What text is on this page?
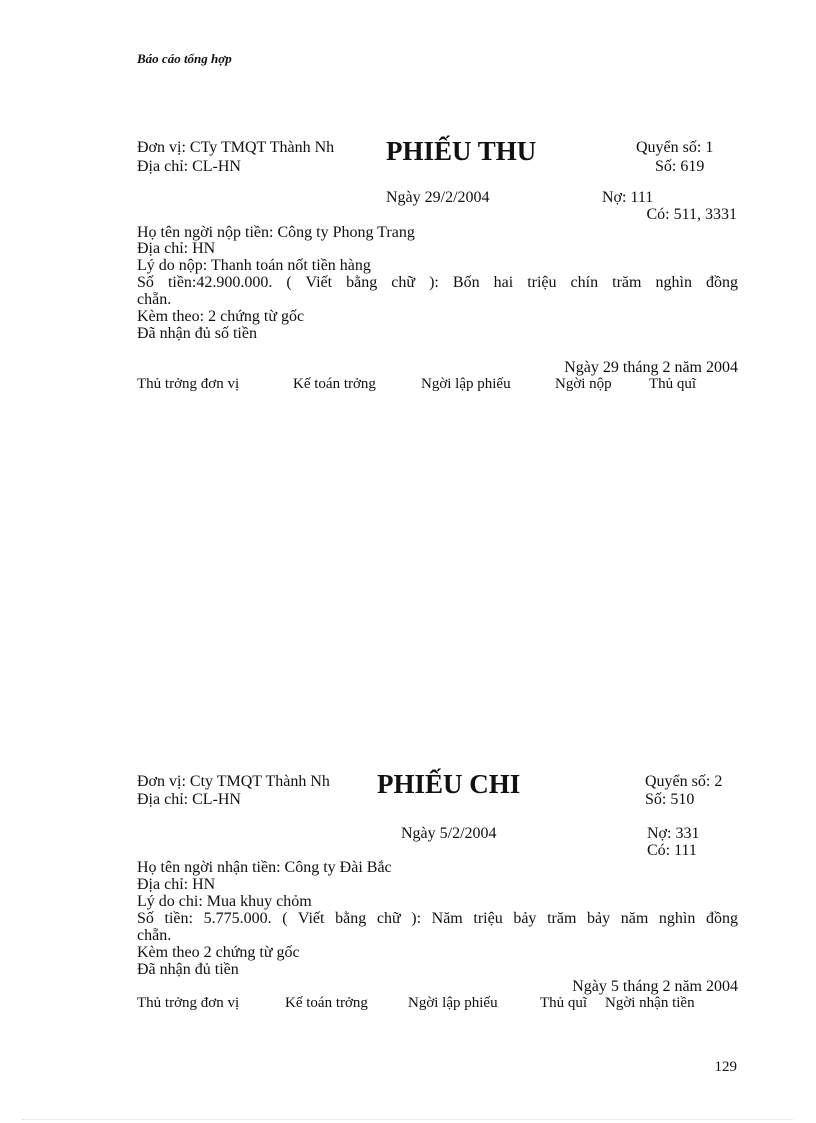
Báo cáo tổng hợp
Đơn vị: CTy TMQT Thành Nh
Địa chỉ: CL-HN
PHIẾU THU	Quyển số: 1
Số: 619
Ngày 29/2/2004	Nợ: 111
Có: 511, 3331
Họ tên ngời nộp tiền: Công ty Phong Trang
Địa chỉ: HN
Lý do nộp: Thanh toán nốt tiền hàng
Số tiền:42.900.000. ( Viết bằng chữ ): Bốn hai triệu chín trăm nghìn đồng
chẵn.
Kèm theo: 2 chứng từ gốc
Đã nhận đủ số tiền
Ngày 29 tháng 2 năm 2004
Thủ trởng đơn vị	Kế toán trởng	Ngời lập phiếu	Ngời nộp Thủ quĩ
Đơn vị: Cty TMQT Thành Nh
Địa chỉ: CL-HN
PHIẾU CHI	Quyển số: 2
Số: 510
Ngày 5/2/2004	Nợ: 331
Có: 111
Họ tên ngời nhận tiền: Công ty Đài Bắc
Địa chỉ: HN
Lý do chi: Mua khuy chỏm
Số tiền: 5.775.000. ( Viết bằng chữ ): Năm triệu bảy trăm bảy năm nghìn đồng
chẵn.
Kèm theo 2 chứng từ gốc
Đã nhận đủ tiền
Ngày 5 tháng 2 năm 2004
Thủ trởng đơn vị	Kế toán trởng	Ngời lập phiếu	Thủ quĩ Ngời nhận tiền
129
